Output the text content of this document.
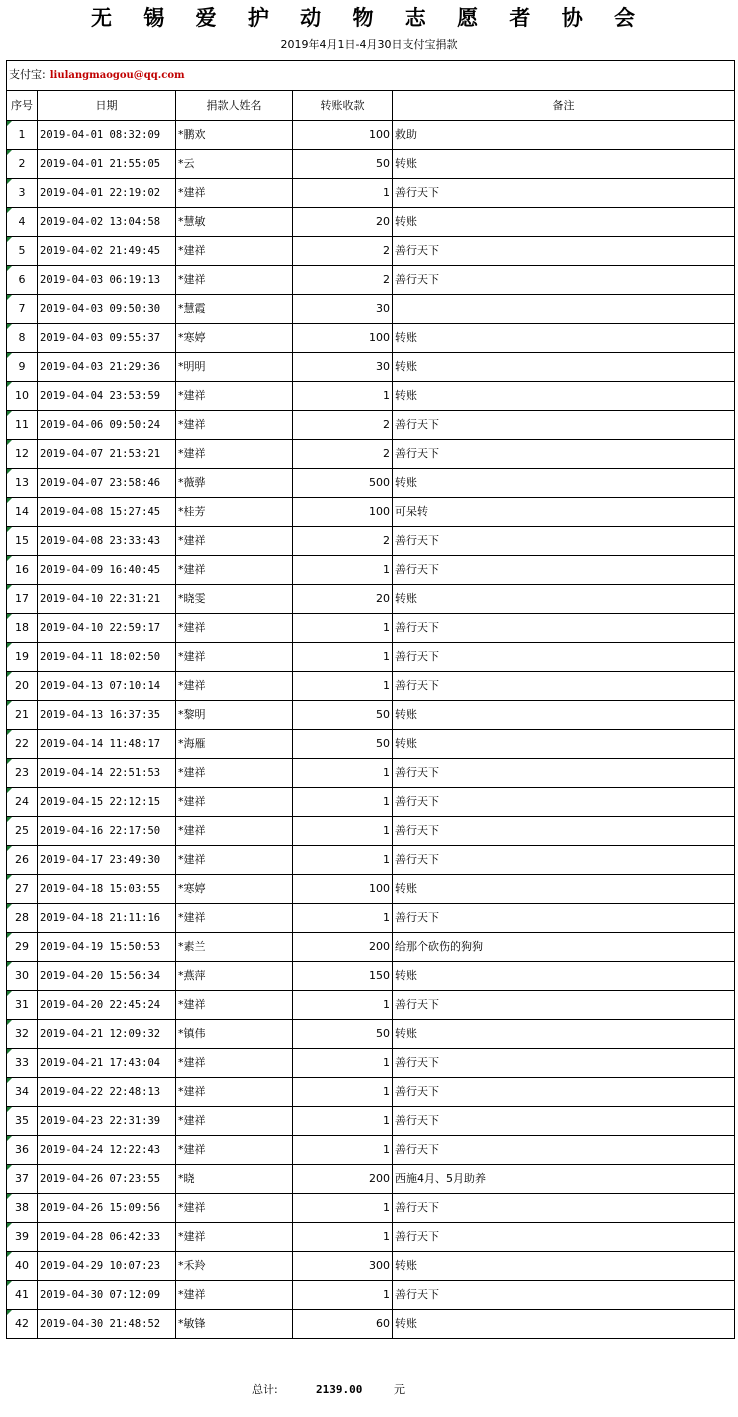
无 锡 爱 护 动 物 志 愿 者 协 会
2019年4月1日-4月30日支付宝捐款
支付宝: liulangmaogou@qq.com				
序号	日期	捐款人姓名	转账收款	备注
1	2019-04-01 08:32:09	*鹏欢	100	救助
2	2019-04-01 21:55:05	*云	50	转账
3	2019-04-01 22:19:02	*建祥	1	善行天下
4	2019-04-02 13:04:58	*慧敏	20	转账
5	2019-04-02 21:49:45	*建祥	2	善行天下
6	2019-04-03 06:19:13	*建祥	2	善行天下
7	2019-04-03 09:50:30	*慧霞	30	
8	2019-04-03 09:55:37	*寒婷	100	转账
9	2019-04-03 21:29:36	*明明	30	转账
10	2019-04-04 23:53:59	*建祥	1	转账
11	2019-04-06 09:50:24	*建祥	2	善行天下
12	2019-04-07 21:53:21	*建祥	2	善行天下
13	2019-04-07 23:58:46	*薇骅	500	转账
14	2019-04-08 15:27:45	*桂芳	100	可呆转
15	2019-04-08 23:33:43	*建祥	2	善行天下
16	2019-04-09 16:40:45	*建祥	1	善行天下
17	2019-04-10 22:31:21	*晓雯	20	转账
18	2019-04-10 22:59:17	*建祥	1	善行天下
19	2019-04-11 18:02:50	*建祥	1	善行天下
20	2019-04-13 07:10:14	*建祥	1	善行天下
21	2019-04-13 16:37:35	*黎明	50	转账
22	2019-04-14 11:48:17	*海雁	50	转账
23	2019-04-14 22:51:53	*建祥	1	善行天下
24	2019-04-15 22:12:15	*建祥	1	善行天下
25	2019-04-16 22:17:50	*建祥	1	善行天下
26	2019-04-17 23:49:30	*建祥	1	善行天下
27	2019-04-18 15:03:55	*寒婷	100	转账
28	2019-04-18 21:11:16	*建祥	1	善行天下
29	2019-04-19 15:50:53	*素兰	200	给那个砍伤的狗狗
30	2019-04-20 15:56:34	*燕萍	150	转账
31	2019-04-20 22:45:24	*建祥	1	善行天下
32	2019-04-21 12:09:32	*镇伟	50	转账
33	2019-04-21 17:43:04	*建祥	1	善行天下
34	2019-04-22 22:48:13	*建祥	1	善行天下
35	2019-04-23 22:31:39	*建祥	1	善行天下
36	2019-04-24 12:22:43	*建祥	1	善行天下
37	2019-04-26 07:23:55	*晓	200	西施4月、5月助养
38	2019-04-26 15:09:56	*建祥	1	善行天下
39	2019-04-28 06:42:33	*建祥	1	善行天下
40	2019-04-29 10:07:23	*禾羚	300	转账
41	2019-04-30 07:12:09	*建祥	1	善行天下
42	2019-04-30 21:48:52	*敏锋	60	转账
总计:	2139.00	元
